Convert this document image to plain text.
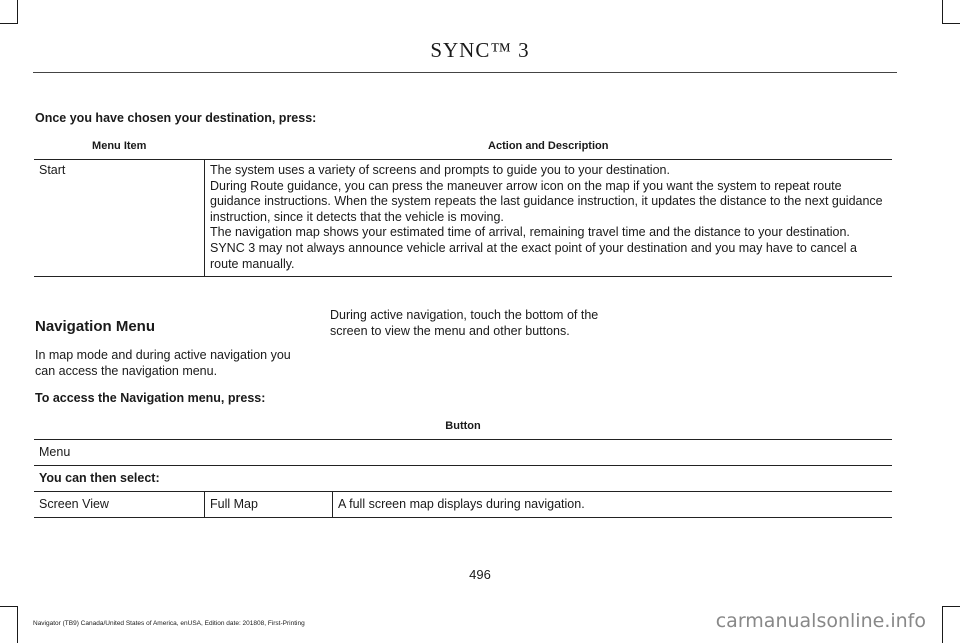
SYNC™ 3
Once you have chosen your destination, press:
Menu Item	Action and Description
Start	The system uses a variety of screens and prompts to guide you to your destination.
During Route guidance, you can press the maneuver arrow icon on the map if you want the system to repeat route guidance instructions. When the system repeats the last guidance instruction, it updates the distance to the next guidance instruction, since it detects that the vehicle is moving.
The navigation map shows your estimated time of arrival, remaining travel time and the distance to your destination.
SYNC 3 may not always announce vehicle arrival at the exact point of your destination and you may have to cancel a route manually.
Navigation Menu
In map mode and during active navigation you can access the navigation menu.
During active navigation, touch the bottom of the screen to view the menu and other buttons.
To access the Navigation menu, press:
Button
Menu
You can then select:
Screen View	Full Map	A full screen map displays during navigation.
496
Navigator (TB9) Canada/United States of America, enUSA, Edition date: 201808, First-Printing	carmanualsonline.info
